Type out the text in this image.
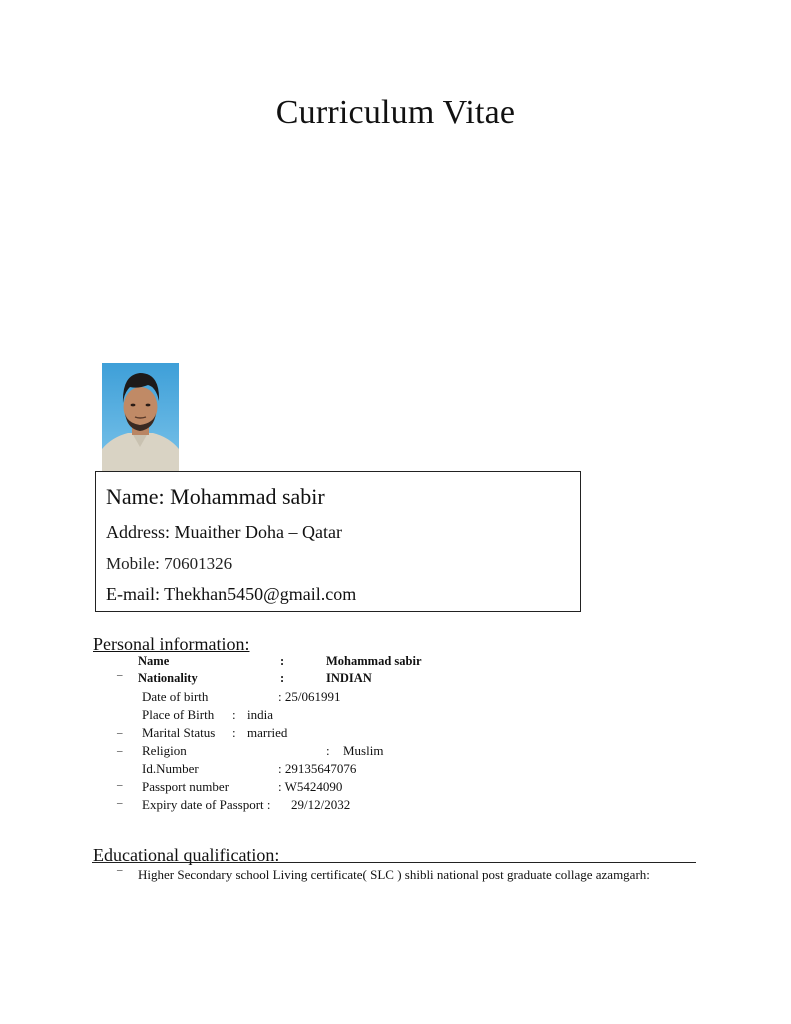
Curriculum Vitae
Name: Mohammad sabir
Address: Muaither Doha – Qatar
Mobile: 70601326
E-mail: Thekhan5450@gmail.com
Personal information:
Name	:	Mohammad sabir
– Nationality	:	INDIAN
Date of birth	: 25/061991
Place of Birth : india
– Marital Status : married
– Religion	: Muslim
Id.Number	: 29135647076
– Passport number	: W5424090
– Expiry date of Passport : 29/12/2032
Educational qualification:
– Higher Secondary school Living certificate( SLC ) shibli national post graduate collage azamgarh:
